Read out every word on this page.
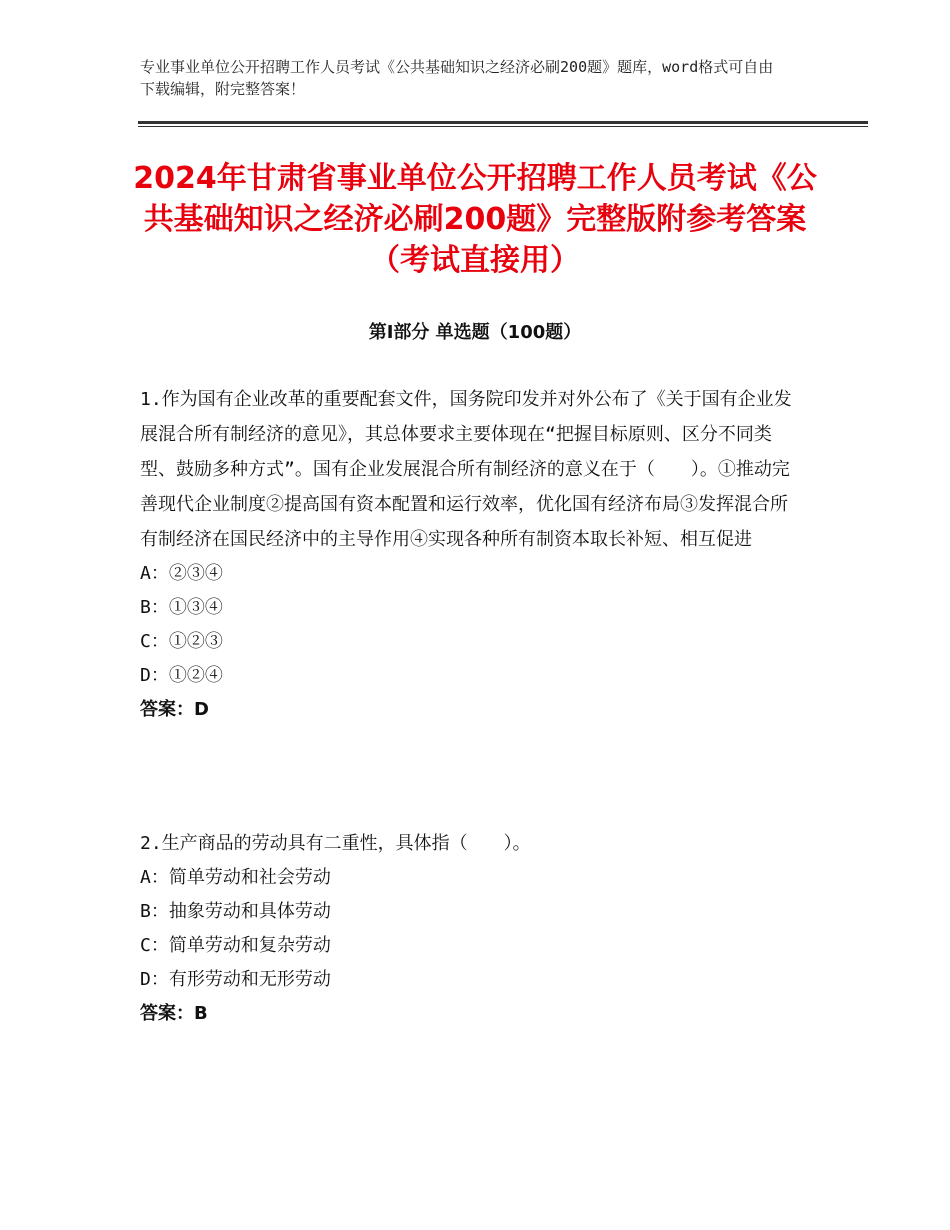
专业事业单位公开招聘工作人员考试《公共基础知识之经济必刷200题》题库，word格式可自由下载编辑，附完整答案！
2024年甘肃省事业单位公开招聘工作人员考试《公共基础知识之经济必刷200题》完整版附参考答案（考试直接用）
第Ⅰ部分 单选题（100题）
1.作为国有企业改革的重要配套文件，国务院印发并对外公布了《关于国有企业发展混合所有制经济的意见》，其总体要求主要体现在“把握目标原则、区分不同类型、鼓励多种方式”。国有企业发展混合所有制经济的意义在于（　　）。①推动完善现代企业制度②提高国有资本配置和运行效率，优化国有经济布局③发挥混合所有制经济在国民经济中的主导作用④实现各种所有制资本取长补短、相互促进
A：②③④
B：①③④
C：①②③
D：①②④
答案：D
2.生产商品的劳动具有二重性，具体指（　　）。
A：简单劳动和社会劳动
B：抽象劳动和具体劳动
C：简单劳动和复杂劳动
D：有形劳动和无形劳动
答案：B
